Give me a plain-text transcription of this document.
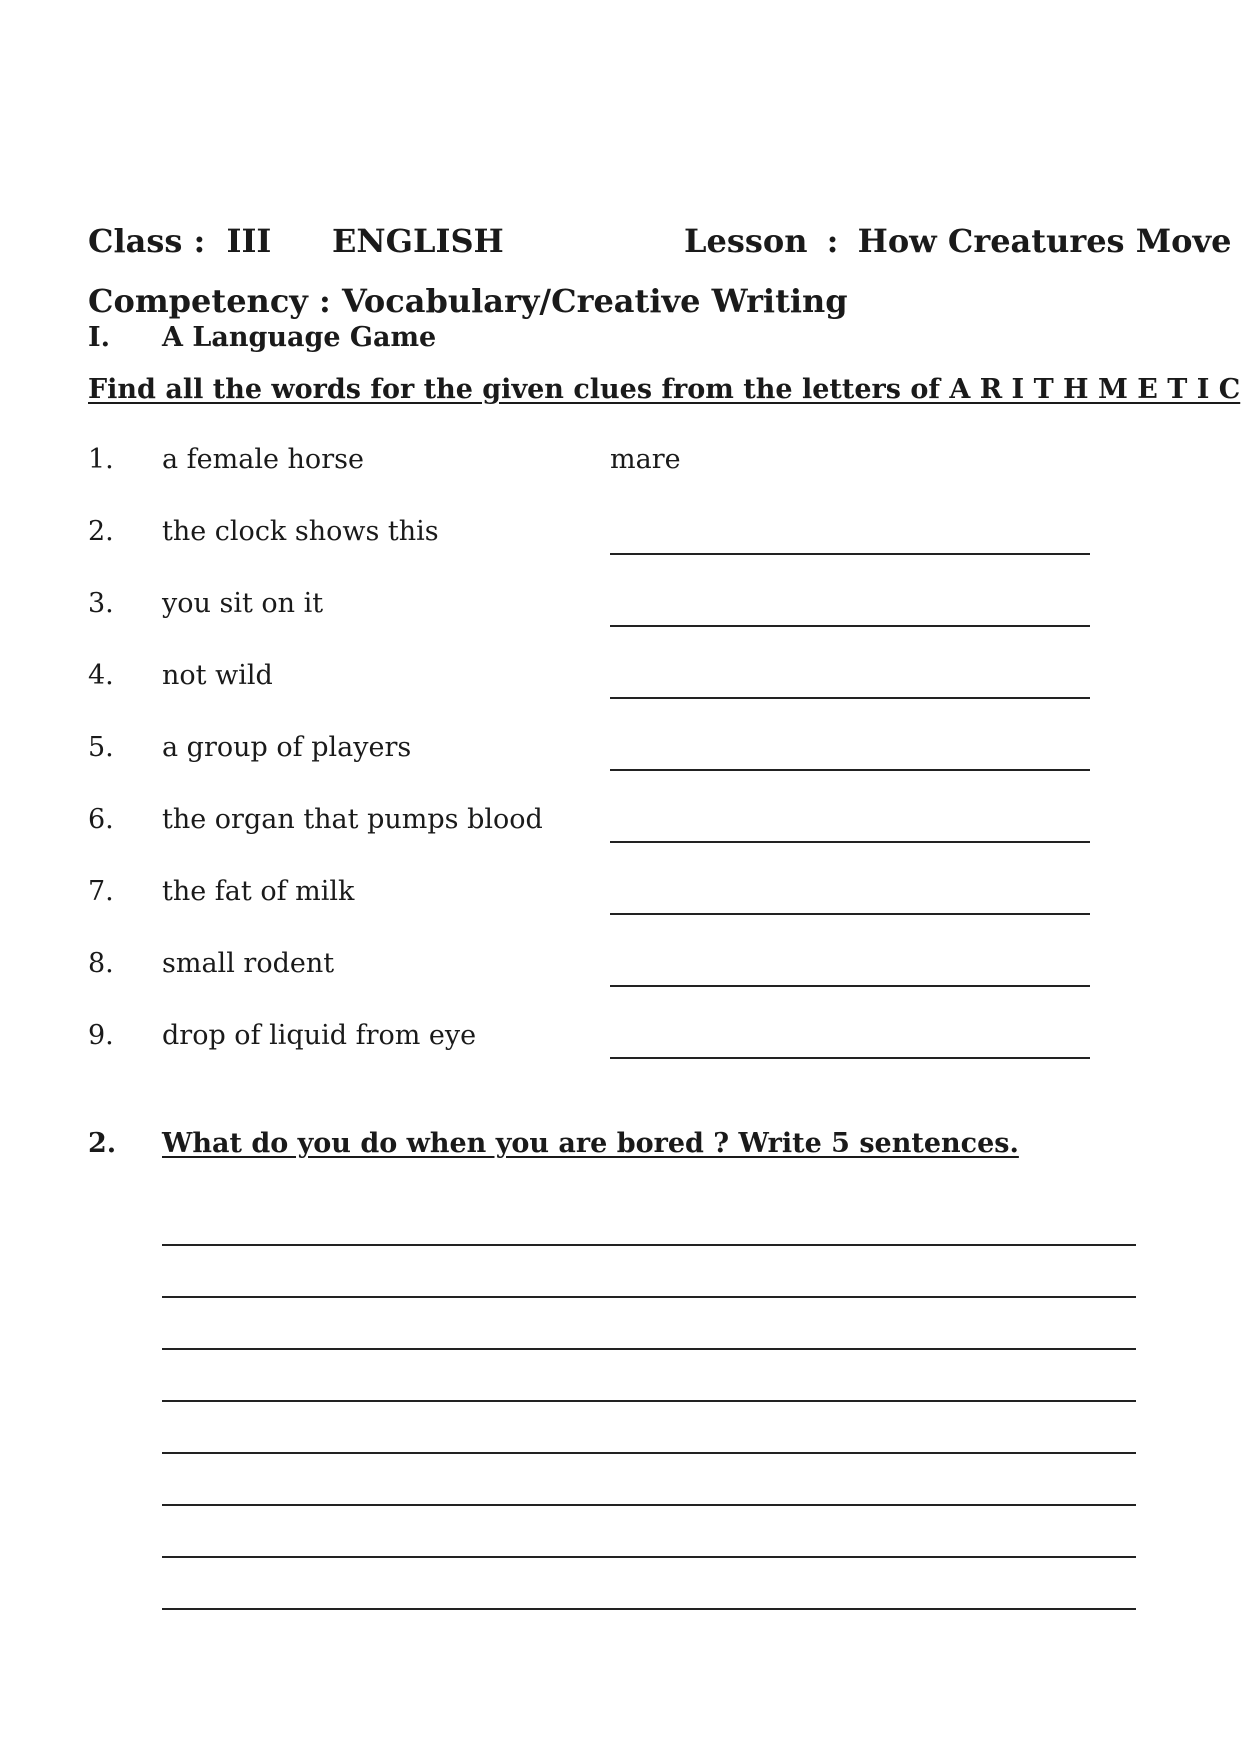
Class : III ENGLISH	Lesson : How Creatures Move
Competency : Vocabulary/Creative Writing
I. A Language Game
Find all the words for the given clues from the letters of A R I T H M E T I C
1. a female horse	mare
2. the clock shows this
3. you sit on it
4. not wild
5. a group of players
6. the organ that pumps blood
7. the fat of milk
8. small rodent
9. drop of liquid from eye
2. What do you do when you are bored ? Write 5 sentences.
